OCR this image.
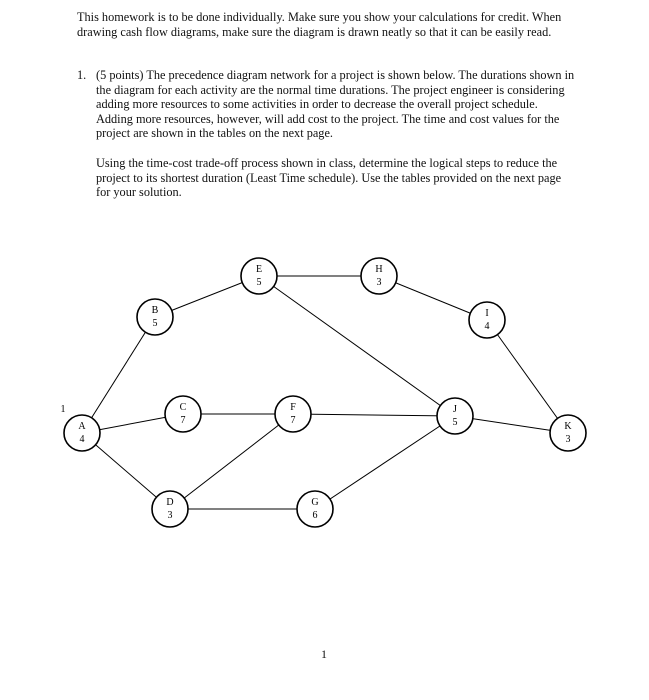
This homework is to be done individually. Make sure you show your calculations for credit. When drawing cash flow diagrams, make sure the diagram is drawn neatly so that it can be easily read.

1. (5 points) The precedence diagram network for a project is shown below. The durations shown in the diagram for each activity are the normal time durations. The project engineer is considering adding more resources to some activities in order to decrease the overall project schedule. Adding more resources, however, will add cost to the project. The time and cost values for the project are shown in the tables on the next page.

Using the time-cost trade-off process shown in class, determine the logical steps to reduce the project to its shortest duration (Least Time schedule). Use the tables provided on the next page for your solution.

1
A
4
B
5
C
7
D
3
E
5
F
7
G
6
H
3
I
4
J
5	K
3
1
